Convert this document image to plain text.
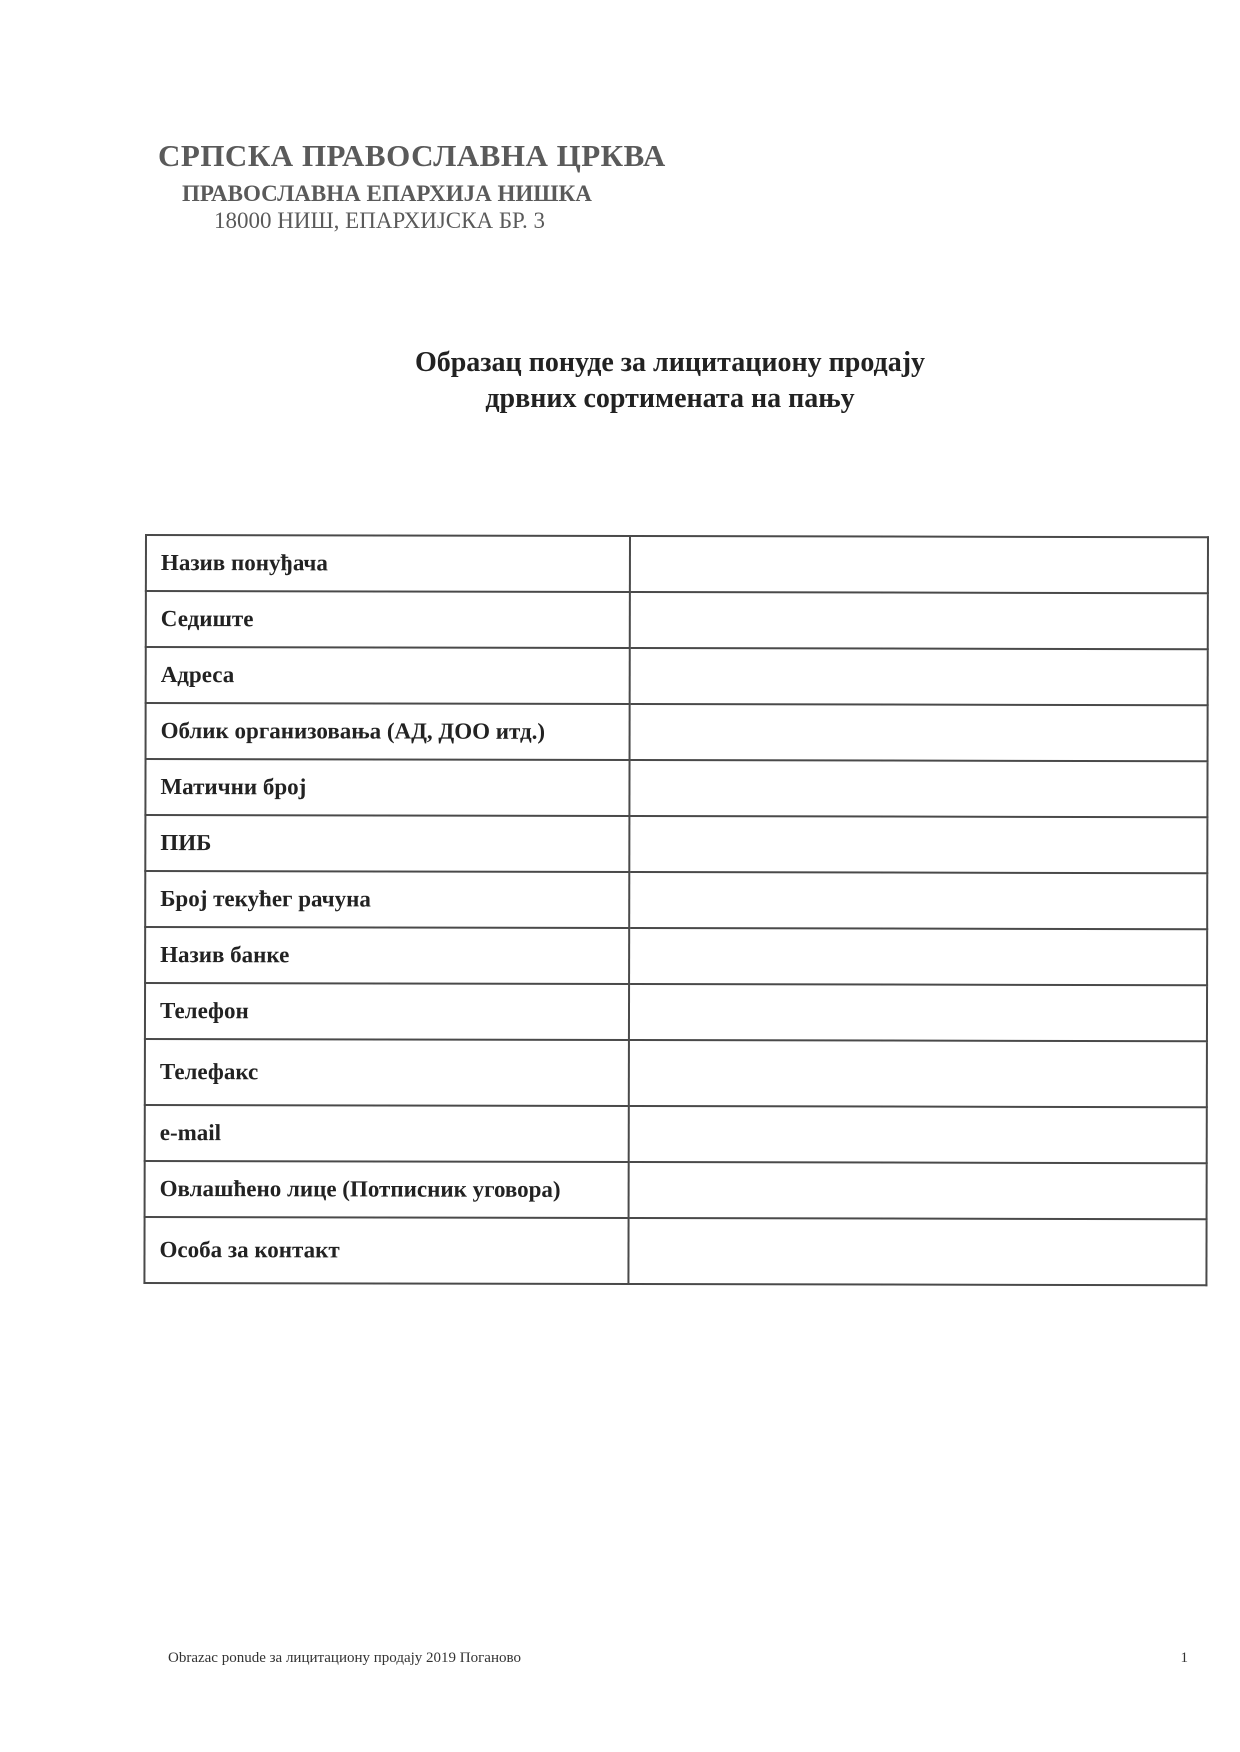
СРПСКА ПРАВОСЛАВНА ЦРКВА
ПРАВОСЛАВНА ЕПАРХИЈА НИШКА
18000 НИШ, ЕПАРХИЈСКА БР. 3
Образац понуде за лицитациону продају
дрвних сортимената на пању
Назив понуђача	
Седиште	
Адреса	
Облик организовања (АД, ДОО итд.)	
Матични број	
ПИБ	
Број текућег рачуна	
Назив банке	
Телефон	
Телефакс	
e-mail	
Овлашћено лице (Потписник уговора)	
Особа за контакт	
Obrazac ponude за лицитациону продају 2019 Поганово	1
